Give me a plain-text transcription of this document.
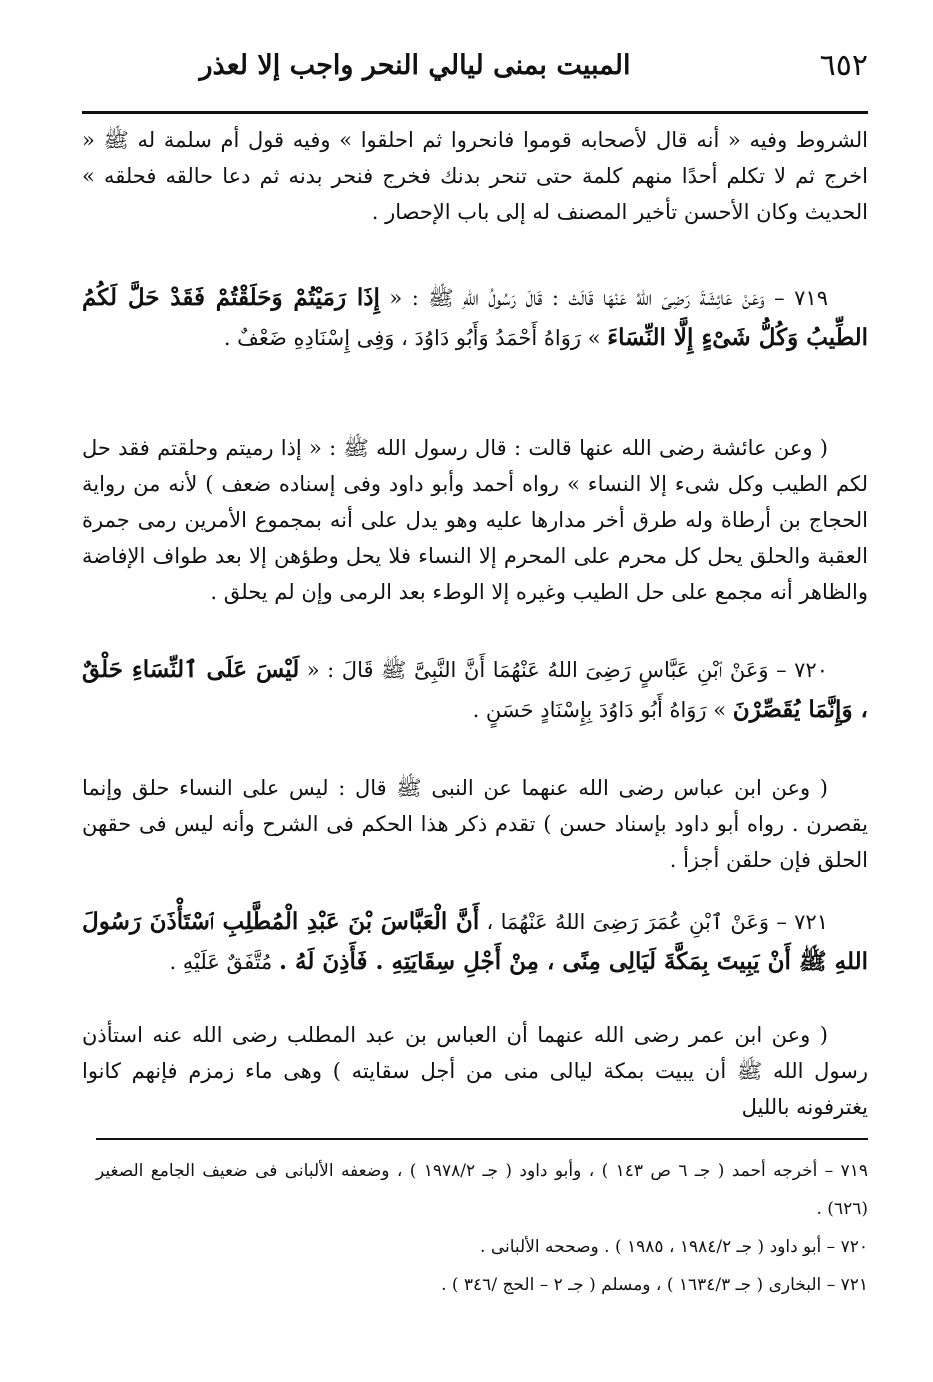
٦٥٢
المبيت بمنى ليالي النحر واجب إلا لعذر

الشروط وفيه « أنه قال لأصحابه قوموا فانحروا ثم احلقوا » وفيه قول أم سلمة له ﷺ « اخرج ثم لا تكلم أحدًا منهم كلمة حتى تنحر بدنك فخرج فنحر بدنه ثم دعا حالقه فحلقه » الحديث وكان الأحسن تأخير المصنف له إلى باب الإحصار .

٧١٩ – وَعَنْ عَائِشَةَ رَضِىَ اللهُ عَنْهَا قَالَتْ : قَالَ رَسُولُ اللهِ ﷺ : « إِذَا رَمَيْتُمْ وَحَلَقْتُمْ فَقَدْ حَلَّ لَكُمُ الطِّيبُ وَكُلُّ شَىْءٍ إِلَّا النِّسَاءَ » رَوَاهُ أَحْمَدُ وَأَبُو دَاوُدَ ، وَفِى إِسْنَادِهِ ضَعْفٌ .

( وعن عائشة رضى الله عنها قالت : قال رسول الله ﷺ : « إذا رميتم وحلقتم فقد حل لكم الطيب وكل شىء إلا النساء » رواه أحمد وأبو داود وفى إسناده ضعف ) لأنه من رواية الحجاج بن أرطاة وله طرق أخر مدارها عليه وهو يدل على أنه بمجموع الأمرين رمى جمرة العقبة والحلق يحل كل محرم على المحرم إلا النساء فلا يحل وطؤهن إلا بعد طواف الإفاضة والظاهر أنه مجمع على حل الطيب وغيره إلا الوطء بعد الرمى وإن لم يحلق .

٧٢٠ – وَعَنْ ٱبْنِ عَبَّاسٍ رَضِىَ اللهُ عَنْهُمَا أَنَّ النَّبِىَّ ﷺ قَالَ : « لَيْسَ عَلَى ٱلنِّسَاءِ حَلْقٌ ، وَإِنَّمَا يُقَصِّرْنَ » رَوَاهُ أَبُو دَاوُدَ بِإِسْنَادٍ حَسَنٍ .

( وعن ابن عباس رضى الله عنهما عن النبى ﷺ قال : ليس على النساء حلق وإنما يقصرن . رواه أبو داود بإسناد حسن ) تقدم ذكر هذا الحكم فى الشرح وأنه ليس فى حقهن الحلق فإن حلقن أجزأ .

٧٢١ – وَعَنْ ٱبْنِ عُمَرَ رَضِىَ اللهُ عَنْهُمَا ، أَنَّ الْعَبَّاسَ بْنَ عَبْدِ الْمُطَّلِبِ ٱسْتَأْذَنَ رَسُولَ اللهِ ﷺ أَنْ يَبِيتَ بِمَكَّةَ لَيَالِى مِنًى ، مِنْ أَجْلِ سِقَايَتِهِ . فَأَذِنَ لَهُ . مُتَّفَقٌ عَلَيْهِ .

( وعن ابن عمر رضى الله عنهما أن العباس بن عبد المطلب رضى الله عنه استأذن رسول الله ﷺ أن يبيت بمكة ليالى منى من أجل سقايته ) وهى ماء زمزم فإنهم كانوا يغترفونه بالليل

٧١٩ – أخرجه أحمد ( جـ ٦ ص ١٤٣ ) ، وأبو داود ( جـ ١٩٧٨/٢ ) ، وضعفه الألبانى فى ضعيف الجامع الصغير (٦٢٦) .

٧٢٠ – أبو داود ( جـ ١٩٨٤/٢ ، ١٩٨٥ ) . وصححه الألبانى .

٧٢١ – البخارى ( جـ ١٦٣٤/٣ ) ، ومسلم ( جـ ٢ – الحج /٣٤٦ ) .
